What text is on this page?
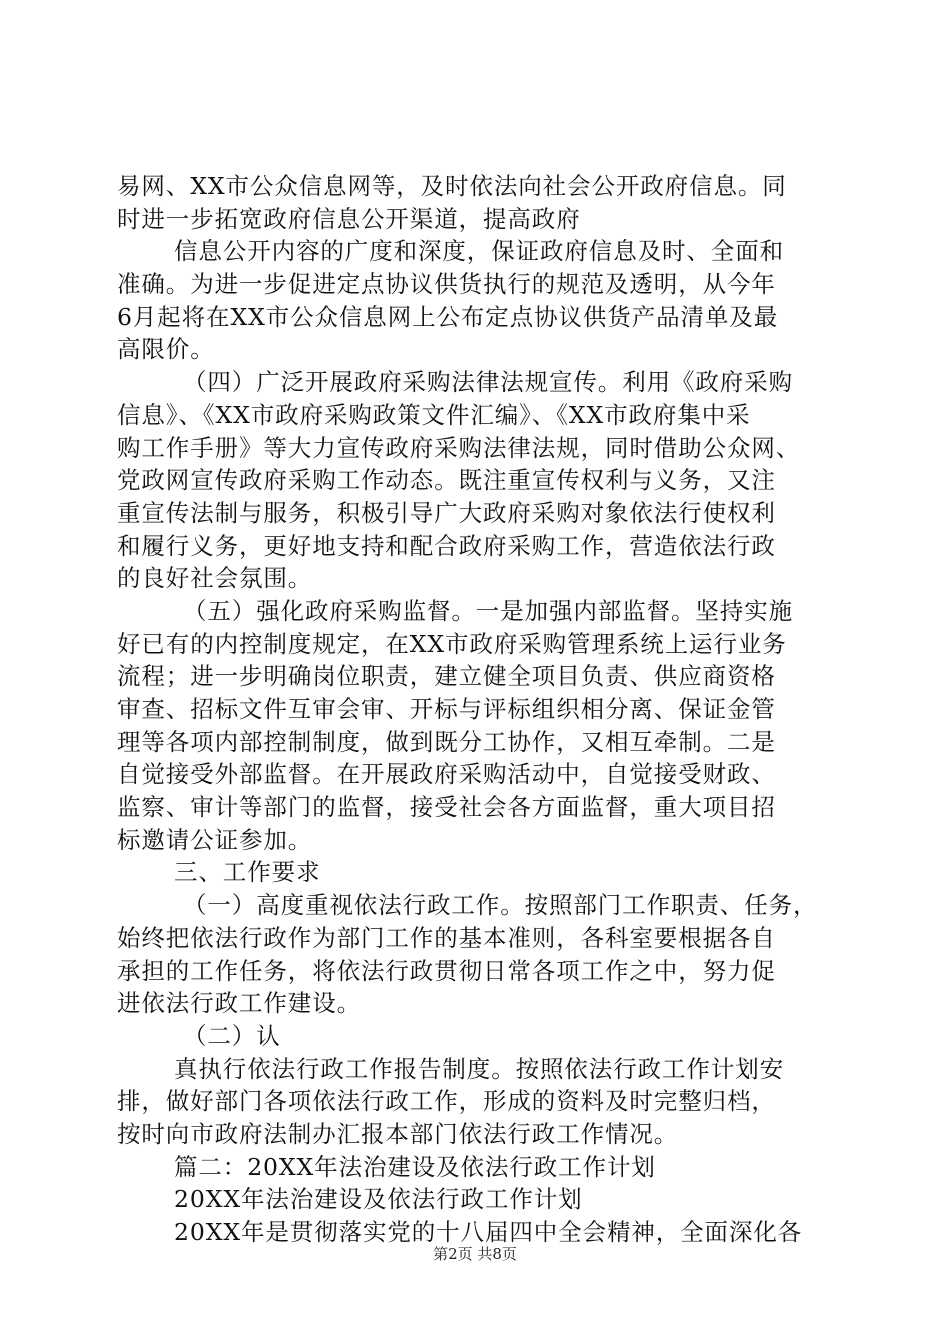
易网、XX市公众信息网等，及时依法向社会公开政府信息。同
时进一步拓宽政府信息公开渠道，提高政府
信息公开内容的广度和深度，保证政府信息及时、全面和
准确。为进一步促进定点协议供货执行的规范及透明，从今年
6月起将在XX市公众信息网上公布定点协议供货产品清单及最
高限价。
（四）广泛开展政府采购法律法规宣传。利用《政府采购
信息》、《XX市政府采购政策文件汇编》、《XX市政府集中采
购工作手册》等大力宣传政府采购法律法规，同时借助公众网、
党政网宣传政府采购工作动态。既注重宣传权利与义务，又注
重宣传法制与服务，积极引导广大政府采购对象依法行使权利
和履行义务，更好地支持和配合政府采购工作，营造依法行政
的良好社会氛围。
（五）强化政府采购监督。一是加强内部监督。坚持实施
好已有的内控制度规定，在XX市政府采购管理系统上运行业务
流程；进一步明确岗位职责，建立健全项目负责、供应商资格
审查、招标文件互审会审、开标与评标组织相分离、保证金管
理等各项内部控制制度，做到既分工协作，又相互牵制。二是
自觉接受外部监督。在开展政府采购活动中，自觉接受财政、
监察、审计等部门的监督，接受社会各方面监督，重大项目招
标邀请公证参加。
三、工作要求
（一）高度重视依法行政工作。按照部门工作职责、任务，
始终把依法行政作为部门工作的基本准则，各科室要根据各自
承担的工作任务，将依法行政贯彻日常各项工作之中，努力促
进依法行政工作建设。
（二）认
真执行依法行政工作报告制度。按照依法行政工作计划安
排，做好部门各项依法行政工作，形成的资料及时完整归档，
按时向市政府法制办汇报本部门依法行政工作情况。
篇二：20XX年法治建设及依法行政工作计划
20XX年法治建设及依法行政工作计划
20XX年是贯彻落实党的十八届四中全会精神，全面深化各
第2页 共8页
